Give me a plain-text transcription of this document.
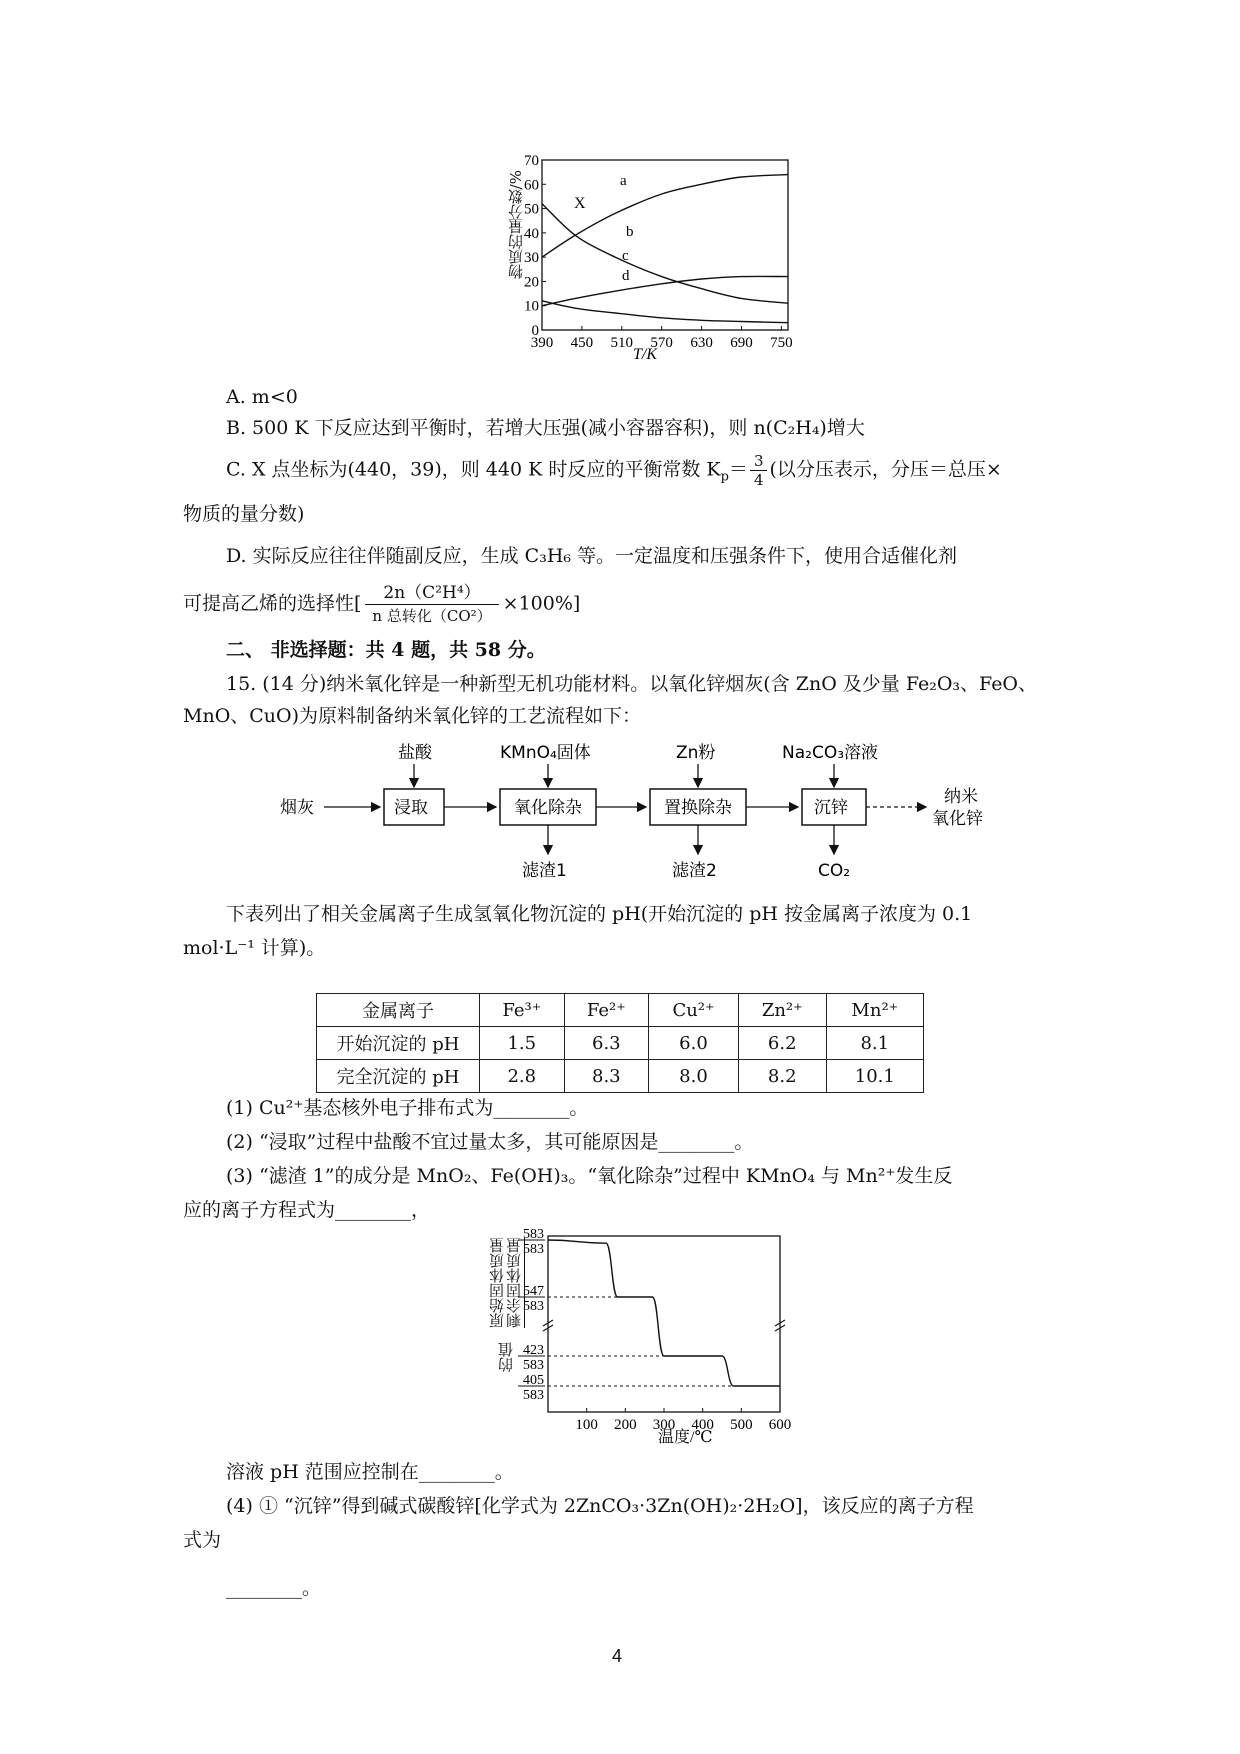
390 450 510 570 630 690 750
0
10
20
30
40
50
60
70
a
b
c
d
X
T/K
物质的量分数/%
A. m<0
B. 500 K 下反应达到平衡时，若增大压强(减小容器容积)，则 n(C₂H₄)增大
C. X 点坐标为(440，39)，则 440 K 时反应的平衡常数 $K_p= \frac{3}{4}$ (以分压表示，分压＝总压×
物质的量分数)
D. 实际反应往往伴随副反应，生成 C₃H₆ 等。一定温度和压强条件下，使用合适催化剂
可提高乙烯的选择性[ $\frac{\text{2n（C²H⁴）}}{\text{n 总转化（CO²）}} \times 100\%$]
二、 非选择题：共 4 题，共 58 分。
15. (14 分)纳米氧化锌是一种新型无机功能材料。以氧化锌烟灰(含 ZnO 及少量 Fe₂O₃、FeO、
MnO、CuO)为原料制备纳米氧化锌的工艺流程如下：
烟灰	浸取	氧化除杂	置换除杂	沉锌
纳米
氧化锌
盐酸	KMnO₄固体	Zn粉	Na₂CO₃溶液
滤渣1	滤渣2	CO₂
下表列出了相关金属离子生成氢氧化物沉淀的 pH(开始沉淀的 pH 按金属离子浓度为 0.1
mol·L⁻¹ 计算)。
金属离子	Fe³⁺	Fe²⁺	Cu²⁺	Zn²⁺	Mn²⁺
开始沉淀的 pH	1.5	6.3	6.0	6.2	8.1
完全沉淀的 pH	2.8	8.3	8.0	8.2	10.1
(1) Cu²⁺基态核外电子排布式为________。
(2) “浸取”过程中盐酸不宜过量太多，其可能原因是________。
(3) “滤渣 1”的成分是 MnO₂、Fe(OH)₃。“氧化除杂”过程中 KMnO₄ 与 Mn²⁺发生反
应的离子方程式为________，
100 200 300 400 500 600
583
583
547
583
423
583
405
583
温度/℃
剩余固体质量
原始固体质量
的值
溶液 pH 范围应控制在________。
(4) ① “沉锌”得到碱式碳酸锌[化学式为 2ZnCO₃·3Zn(OH)₂·2H₂O]，该反应的离子方程
式为
________。
4
